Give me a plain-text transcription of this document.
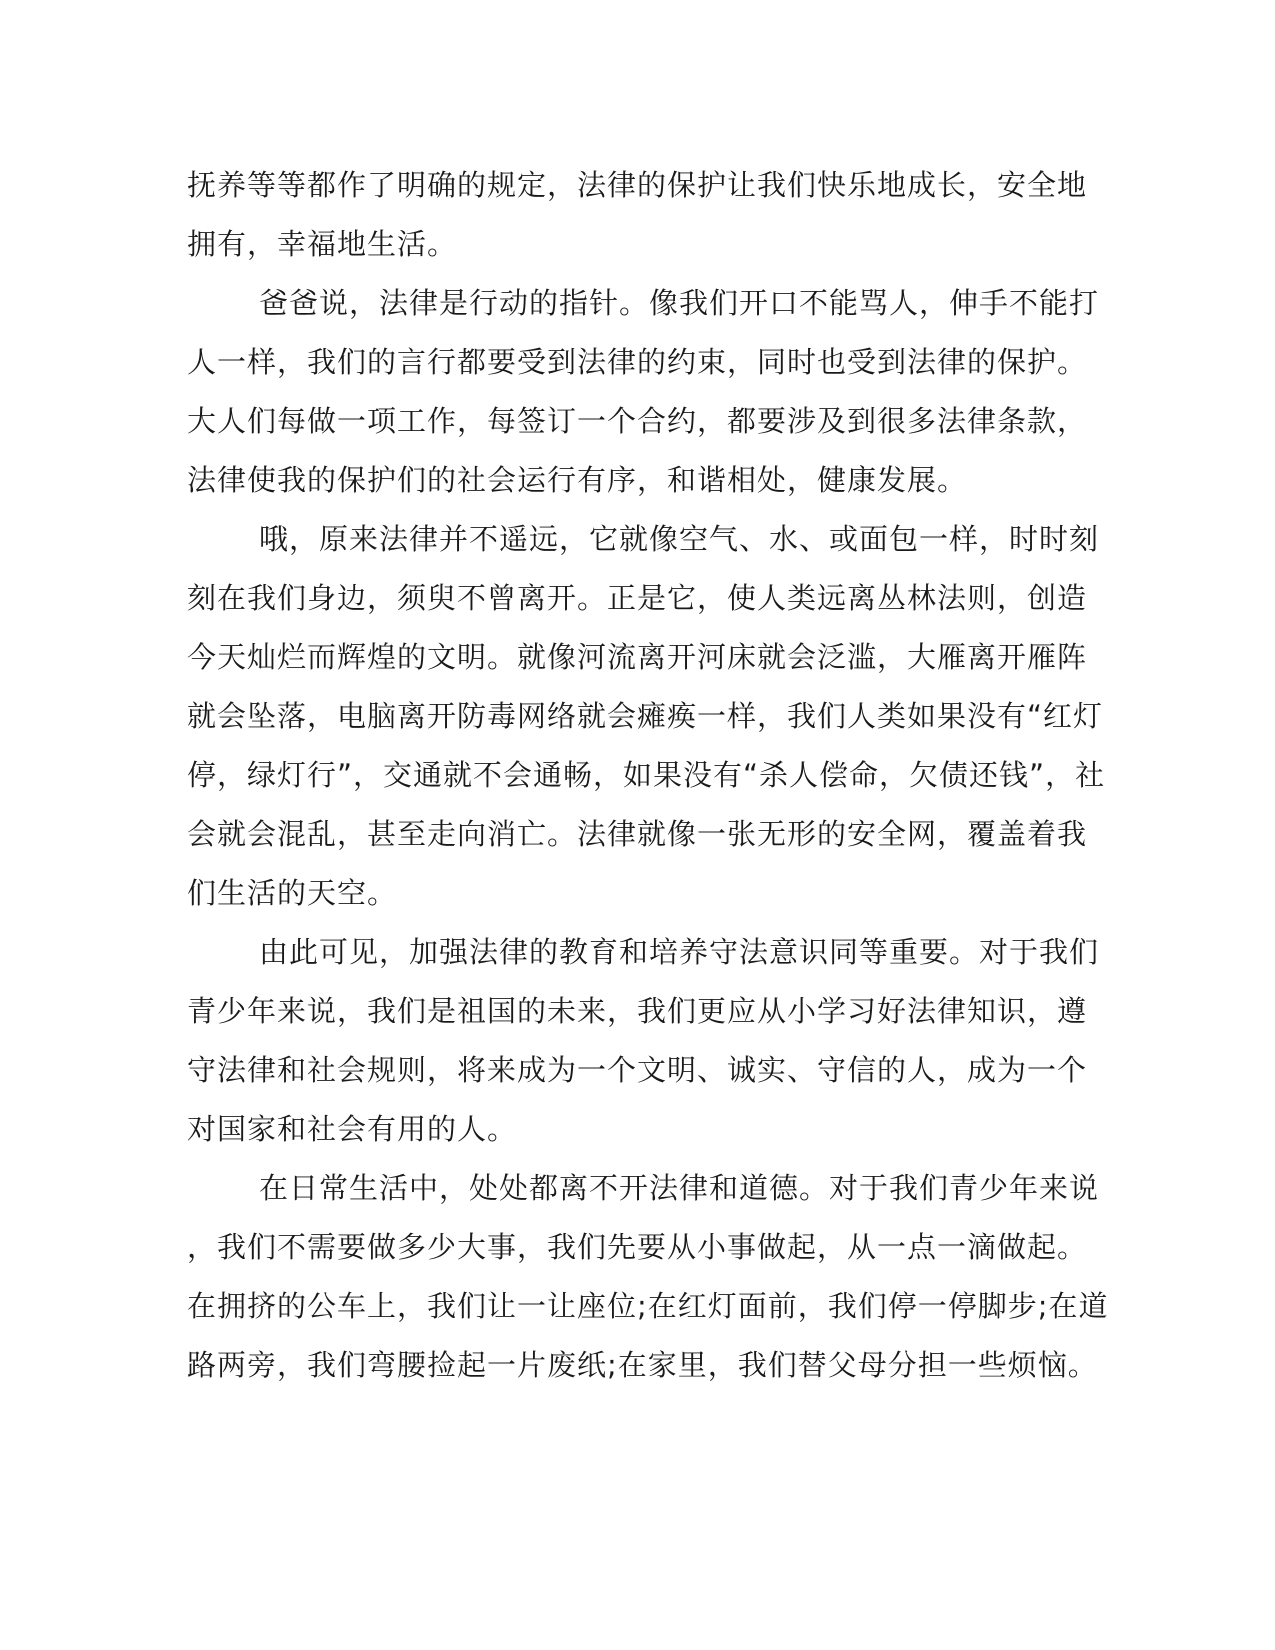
抚养等等都作了明确的规定，法律的保护让我们快乐地成长，安全地
拥有，幸福地生活。
爸爸说，法律是行动的指针。像我们开口不能骂人，伸手不能打
人一样，我们的言行都要受到法律的约束，同时也受到法律的保护。
大人们每做一项工作，每签订一个合约，都要涉及到很多法律条款，
法律使我的保护们的社会运行有序，和谐相处，健康发展。
哦，原来法律并不遥远，它就像空气、水、或面包一样，时时刻
刻在我们身边，须臾不曾离开。正是它，使人类远离丛林法则，创造
今天灿烂而辉煌的文明。就像河流离开河床就会泛滥，大雁离开雁阵
就会坠落，电脑离开防毒网络就会瘫痪一样，我们人类如果没有“红灯
停，绿灯行”，交通就不会通畅，如果没有“杀人偿命，欠债还钱”，社
会就会混乱，甚至走向消亡。法律就像一张无形的安全网，覆盖着我
们生活的天空。
由此可见，加强法律的教育和培养守法意识同等重要。对于我们
青少年来说，我们是祖国的未来，我们更应从小学习好法律知识，遵
守法律和社会规则，将来成为一个文明、诚实、守信的人，成为一个
对国家和社会有用的人。
在日常生活中，处处都离不开法律和道德。对于我们青少年来说
，我们不需要做多少大事，我们先要从小事做起，从一点一滴做起。
在拥挤的公车上，我们让一让座位;在红灯面前，我们停一停脚步;在道
路两旁，我们弯腰捡起一片废纸;在家里，我们替父母分担一些烦恼。
